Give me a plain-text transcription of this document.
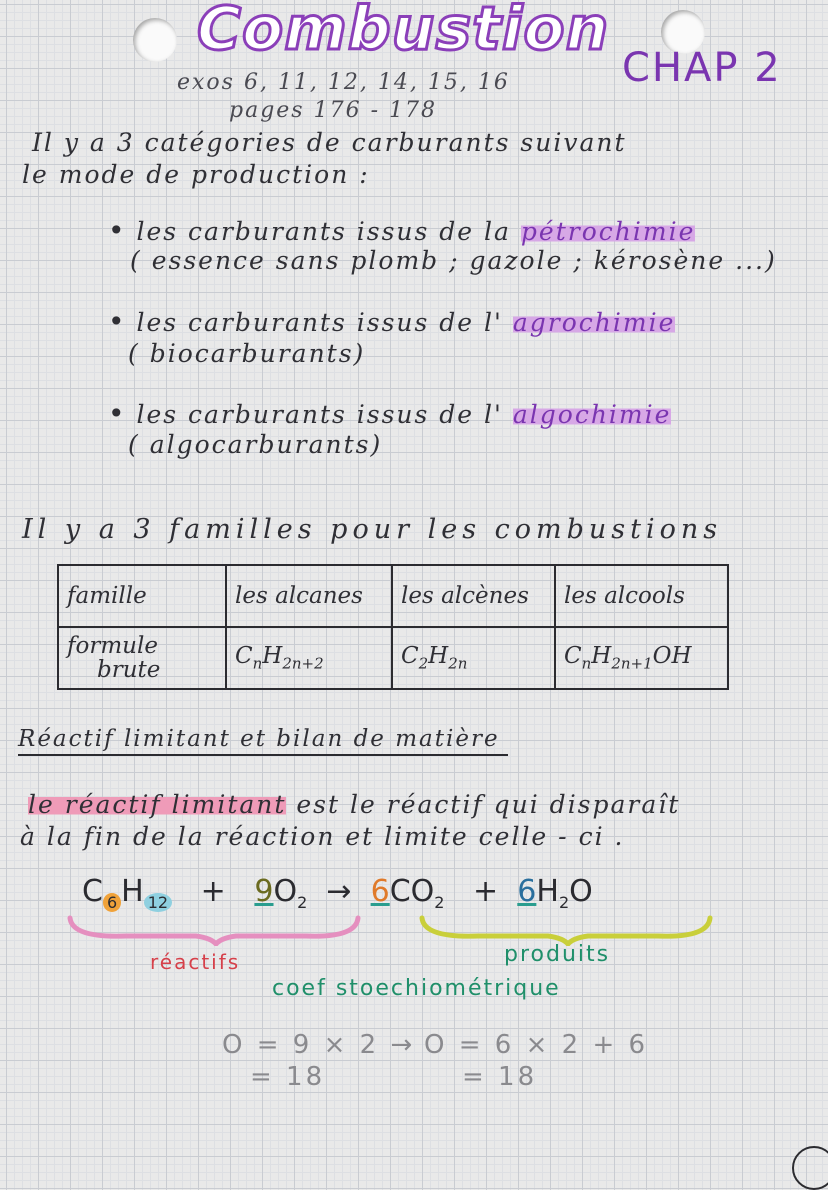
Combustion
CHAP 2
exos 6, 11, 12, 14, 15, 16
pages 176 - 178
Il y a 3 catégories de carburants suivant
le mode de production :
• les carburants issus de la pétrochimie
( essence sans plomb ; gazole ; kérosène ...)
• les carburants issus de l' agrochimie
( biocarburants)
• les carburants issus de l' algochimie
( algocarburants)
Il y a 3 familles pour les combustions
famille	les alcanes	les alcènes	les alcools
formule
brute	$C_nH_{2n+2}$	$C_2H_{2n}$	$C_nH_{2n+1}OH$
Réactif limitant et bilan de matière
le réactif limitant est le réactif qui disparaît
à la fin de la réaction et limite celle - ci .
C $_6$ H $_{12} + 9O_2 \to 6CO_2 + 6H_2O$
réactifs	produits
coef stoechiométrique
O = 9 × 2 →
= 18
O = 6 × 2 + 6
= 18
